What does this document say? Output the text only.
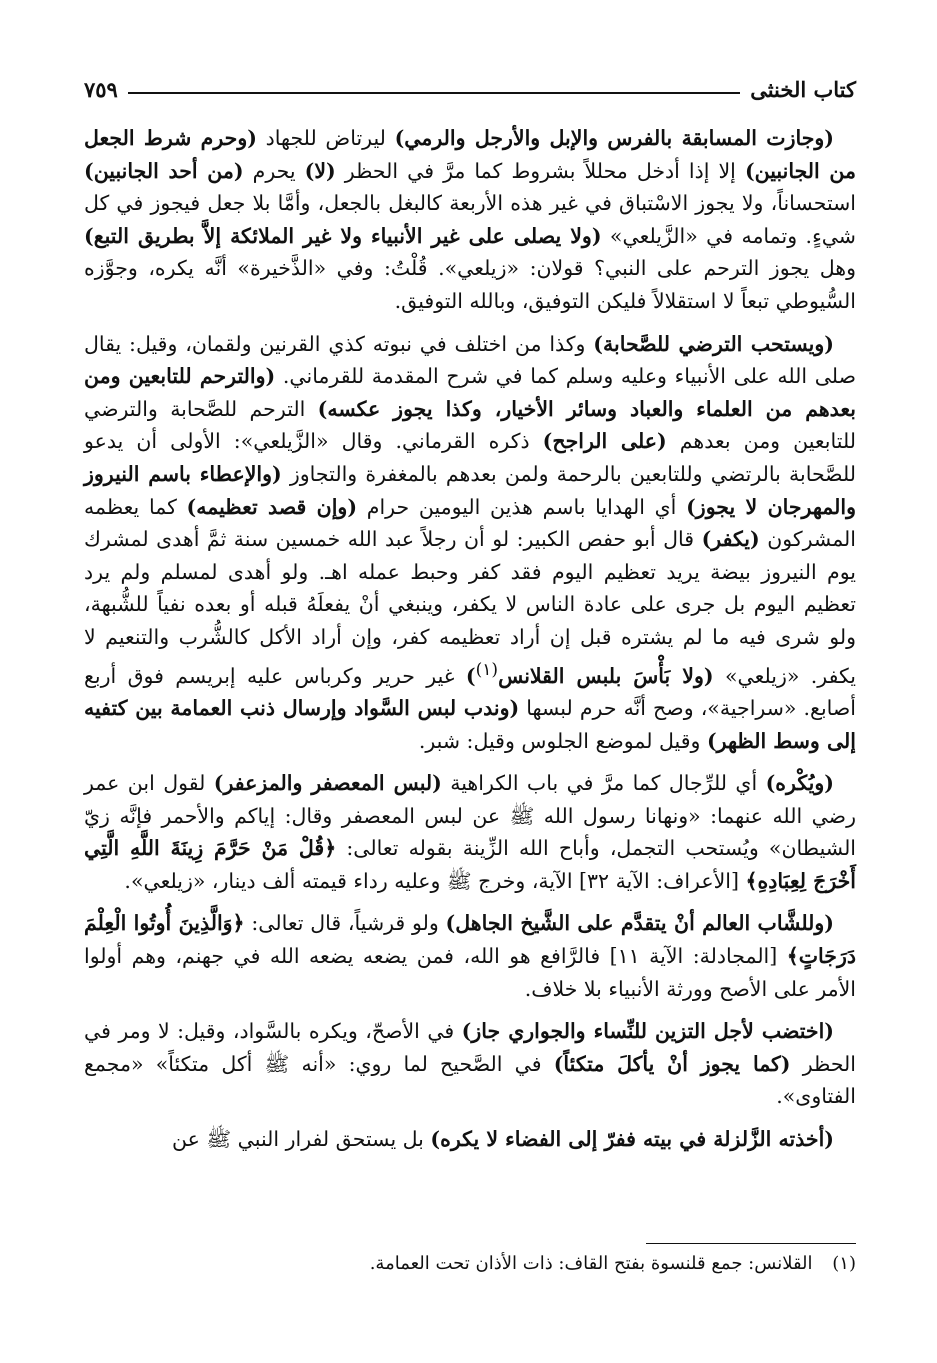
كتاب الخنثى
٧٥٩

(وجازت المسابقة بالفرس والإبل والأرجل والرمي) ليرتاض للجهاد (وحرم شرط الجعل من الجانبين) إلا إذا أدخل محللاً بشروط كما مرَّ في الحظر (لا) يحرم (من أحد الجانبين) استحساناً، ولا يجوز الاسْتباق في غير هذه الأربعة كالبغل بالجعل، وأمَّا بلا جعل فيجوز في كل شيءٍ. وتمامه في «الزَّيلعي» (ولا يصلى على غير الأنبياء ولا غير الملائكة إلاَّ بطريق التبع) وهل يجوز الترحم على النبي؟ قولان: «زيلعي». قُلْتُ: وفي «الذَّخيرة» أنَّه يكره، وجوَّزه السُّيوطي تبعاً لا استقلالاً فليكن التوفيق، وبالله التوفيق.

(ويستحب الترضي للصَّحابة) وكذا من اختلف في نبوته كذي القرنين ولقمان، وقيل: يقال صلى الله على الأنبياء وعليه وسلم كما في شرح المقدمة للقرماني. (والترحم للتابعين ومن بعدهم من العلماء والعباد وسائر الأخيار، وكذا يجوز عكسه) الترحم للصَّحابة والترضي للتابعين ومن بعدهم (على الراجح) ذكره القرماني. وقال «الزَّيلعي»: الأولى أن يدعو للصَّحابة بالرتضي وللتابعين بالرحمة ولمن بعدهم بالمغفرة والتجاوز (والإعطاء باسم النيروز والمهرجان لا يجوز) أي الهدايا باسم هذين اليومين حرام (وإن قصد تعظيمه) كما يعظمه المشركون (يكفر) قال أبو حفص الكبير: لو أن رجلاً عبد الله خمسين سنة ثمَّ أهدى لمشرك يوم النيروز بيضة يريد تعظيم اليوم فقد كفر وحبط عمله اهـ. ولو أهدى لمسلم ولم يرد تعظيم اليوم بل جرى على عادة الناس لا يكفر، وينبغي أنْ يفعلَهُ قبله أو بعده نفياً للشُّبهة، ولو شرى فيه ما لم يشتره قبل إن أراد تعظيمه كفر، وإن أراد الأكل كالشُّرب والتنعيم لا يكفر. «زيلعي» (ولا بَأْسَ بلبس القلانس$^{(١)}$) غير حرير وكرباس عليه إبريسم فوق أربع أصابع. «سراجية»، وصح أنَّه حرم لبسها (وندب لبس السَّواد وإرسال ذنب العمامة بين كتفيه إلى وسط الظهر) وقيل لموضع الجلوس وقيل: شبر.

(ويُكْره) أي للرِّجال كما مرَّ في باب الكراهية (لبس المعصفر والمزعفر) لقول ابن عمر رضي الله عنهما: «ونهانا رسول الله ﷺ عن لبس المعصفر وقال: إياكم والأحمر فإنَّه زيّ الشيطان» ويُستحب التجمل، وأباح الله الزِّينة بقوله تعالى: ﴿قُلْ مَنْ حَرَّمَ زِينَةَ اللَّهِ الَّتِي أَخْرَجَ لِعِبَادِهِ﴾ [الأعراف: الآية ٣٢] الآية، وخرج ﷺ وعليه رداء قيمته ألف دينار، «زيلعي».

(وللشَّاب العالم أنْ يتقدَّم على الشَّيخ الجاهل) ولو قرشياً، قال تعالى: ﴿وَالَّذِينَ أُوتُوا الْعِلْمَ دَرَجَاتٍ﴾ [المجادلة: الآية ١١] فالرَّافع هو الله، فمن يضعه يضعه الله في جهنم، وهم أولوا الأمر على الأصح وورثة الأنبياء بلا خلاف.

(اختضب لأجل التزين للنِّساء والجواري جاز) في الأصحّ، ويكره بالسَّواد، وقيل: لا ومر في الحظر (كما يجوز أنْ يأكلَ متكئاً) في الصَّحيح لما روي: «أنه ﷺ أكل متكئاً» «مجمع الفتاوى».

(أخذته الزَّلزلة في بيته ففرّ إلى الفضاء لا يكره) بل يستحق لفرار النبي ﷺ عن

(١) القلانس: جمع قلنسوة بفتح القاف: ذات الأذان تحت العمامة.
